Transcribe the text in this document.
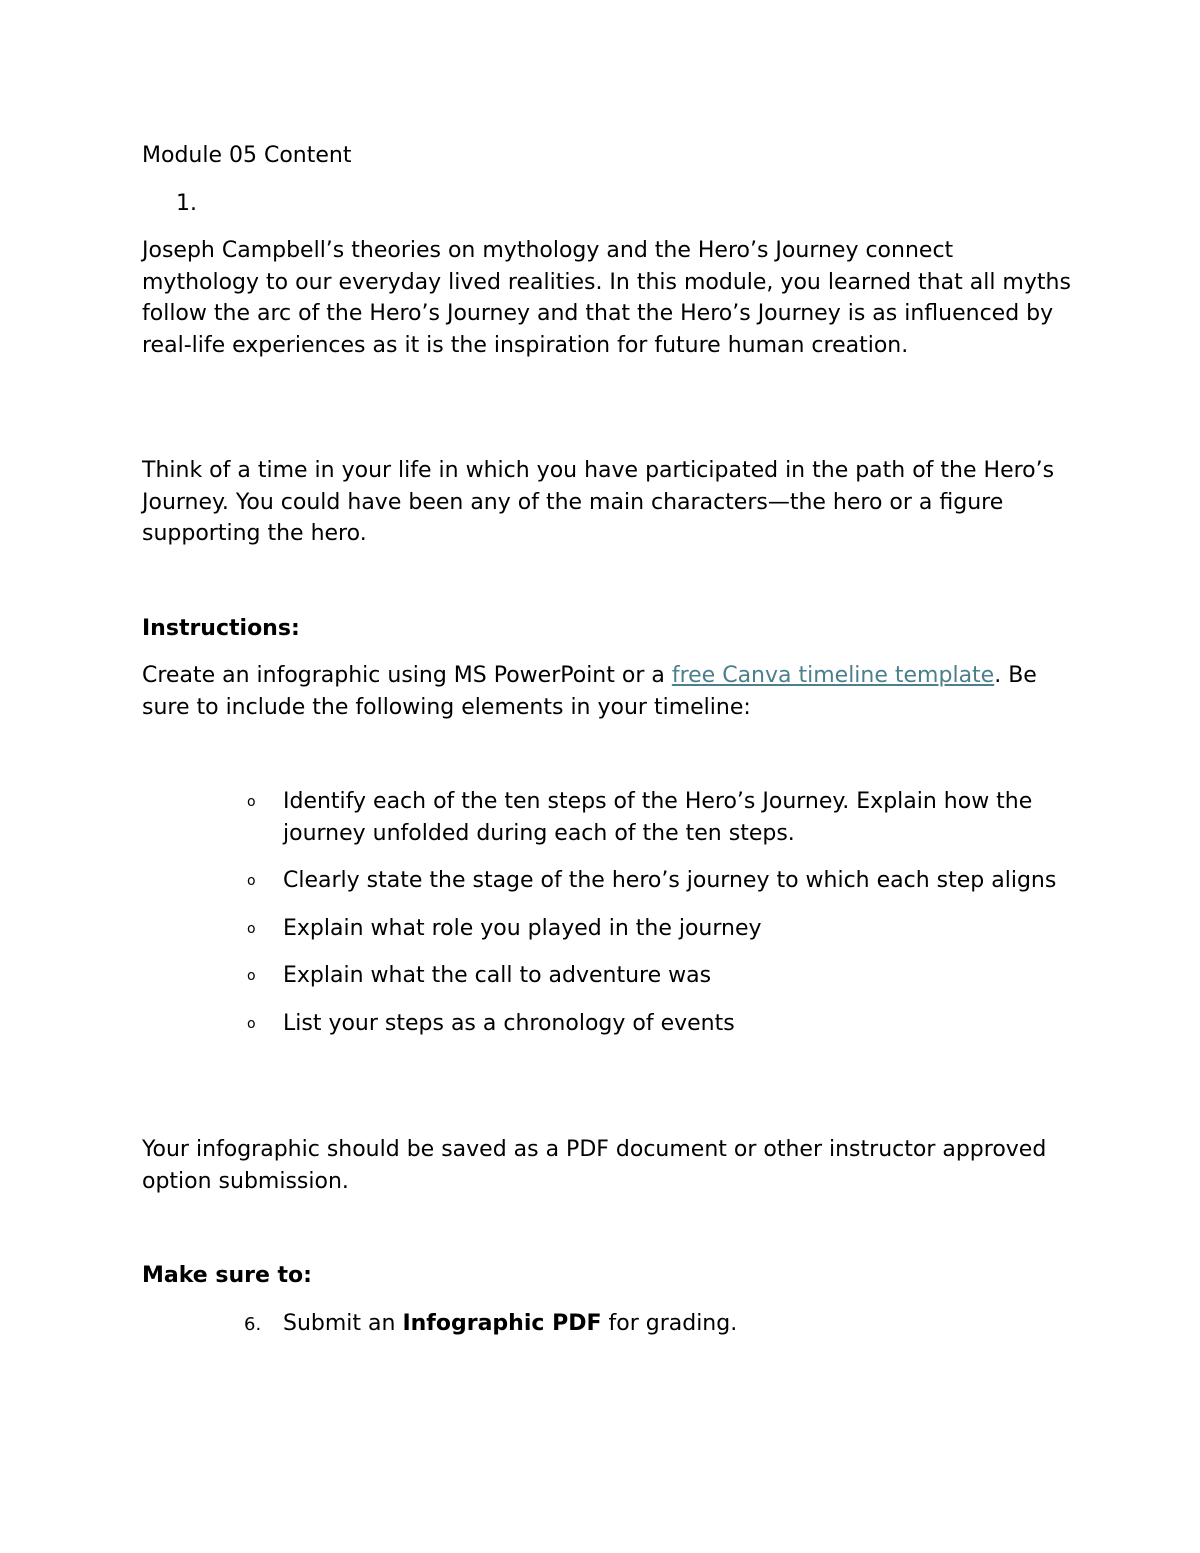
Module 05 Content

1.

Joseph Campbell’s theories on mythology and the Hero’s Journey connect mythology to our everyday lived realities. In this module, you learned that all myths follow the arc of the Hero’s Journey and that the Hero’s Journey is as influenced by real-life experiences as it is the inspiration for future human creation.

Think of a time in your life in which you have participated in the path of the Hero’s Journey. You could have been any of the main characters—the hero or a figure supporting the hero.

Instructions:

Create an infographic using MS PowerPoint or a free Canva timeline template. Be sure to include the following elements in your timeline:

o Identify each of the ten steps of the Hero’s Journey. Explain how the journey unfolded during each of the ten steps.
o Clearly state the stage of the hero’s journey to which each step aligns
o Explain what role you played in the journey
o Explain what the call to adventure was
o List your steps as a chronology of events

Your infographic should be saved as a PDF document or other instructor approved option submission.

Make sure to:

6. Submit an Infographic PDF for grading.
